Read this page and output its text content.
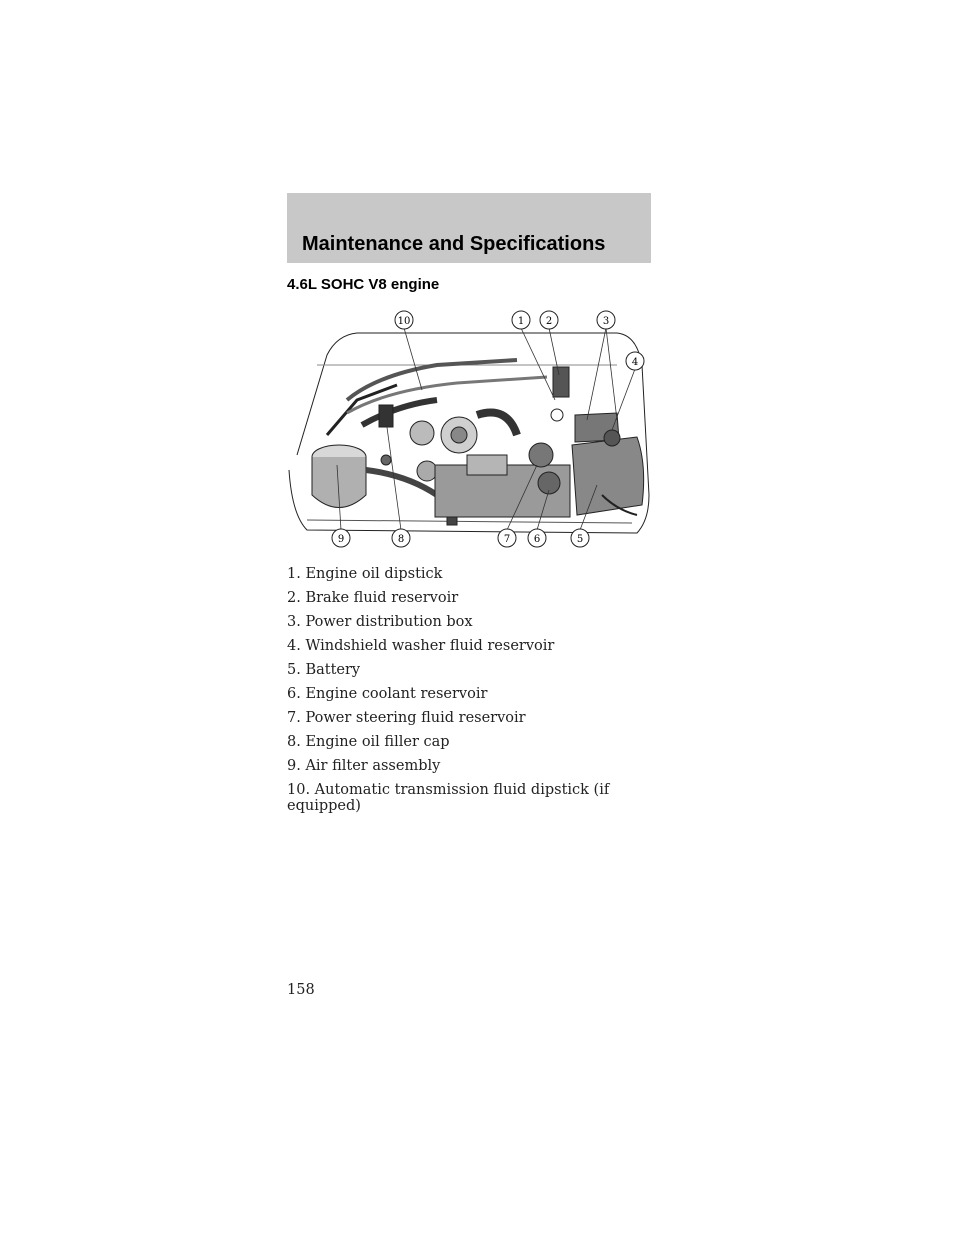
Maintenance and Specifications
4.6L SOHC V8 engine
10	1 2	3
4
9	8	7 6	5
1. Engine oil dipstick
2. Brake fluid reservoir
3. Power distribution box
4. Windshield washer fluid reservoir
5. Battery
6. Engine coolant reservoir
7. Power steering fluid reservoir
8. Engine oil filler cap
9. Air filter assembly
10. Automatic transmission fluid dipstick (if equipped)
158
